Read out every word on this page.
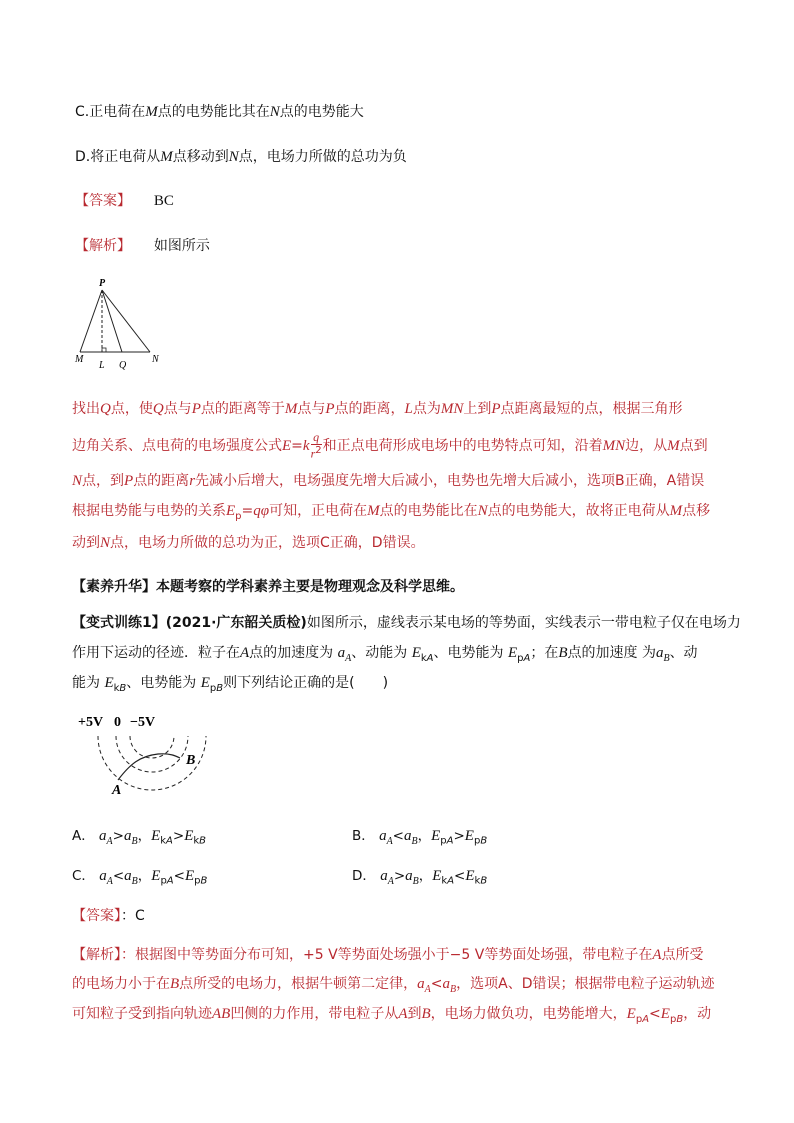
C.正电荷在M点的电势能比其在N点的电势能大
D.将正电荷从M点移动到N点，电场力所做的总功为负
【答案】 BC
【解析】 如图所示
P
M
L Q
N
找出Q点，使Q点与P点的距离等于M点与P点的距离，L点为MN上到P点距离最短的点，根据三角形
边角关系、点电荷的电场强度公式$E=k\frac{q}{r^2}$ 和正点电荷形成电场中的电势特点可知，沿着MN边，从M点到
N点，到P点的距离r先减小后增大，电场强度先增大后减小，电势也先增大后减小，选项B正确，A错误
根据电势能与电势的关系$E_p=q\varphi$可知，正电荷在M点的电势能比在N点的电势能大，故将正电荷从M点移
动到N点，电场力所做的总功为正，选项C正确，D错误。
【素养升华】本题考察的学科素养主要是物理观念及科学思维。
【变式训练1】(2021·广东韶关质检)如图所示，虚线表示某电场的等势面，实线表示一带电粒子仅在电场力
作用下运动的径迹．粒子在A点的加速度为 $a_A$、动能为 $E_{kA}$、电势能为 $E_{pA}$；在B点的加速度 为$a_B$、动
能为 $E_{kB}$、电势能为 $E_{pB}$则下列结论正确的是(　　)
+5V 0 −5V
A
B
A． $a_A>a_B$，$E_{kA}>E_{kB}$	B． $a_A<a_B$，$E_{pA}>E_{pB}$
C． $a_A<a_B$，$E_{pA}<E_{pB}$	D． $a_A>a_B$，$E_{kA}<E_{kB}$
【答案】：C
【解析】：根据图中等势面分布可知，+5 V等势面处场强小于−5 V等势面处场强，带电粒子在A点所受
的电场力小于在B点所受的电场力，根据牛顿第二定律，$a_A<a_B$，选项A、D错误；根据带电粒子运动轨迹
可知粒子受到指向轨迹AB凹侧的力作用，带电粒子从A到B，电场力做负功，电势能增大，$E_{pA}<E_{pB}$，动
